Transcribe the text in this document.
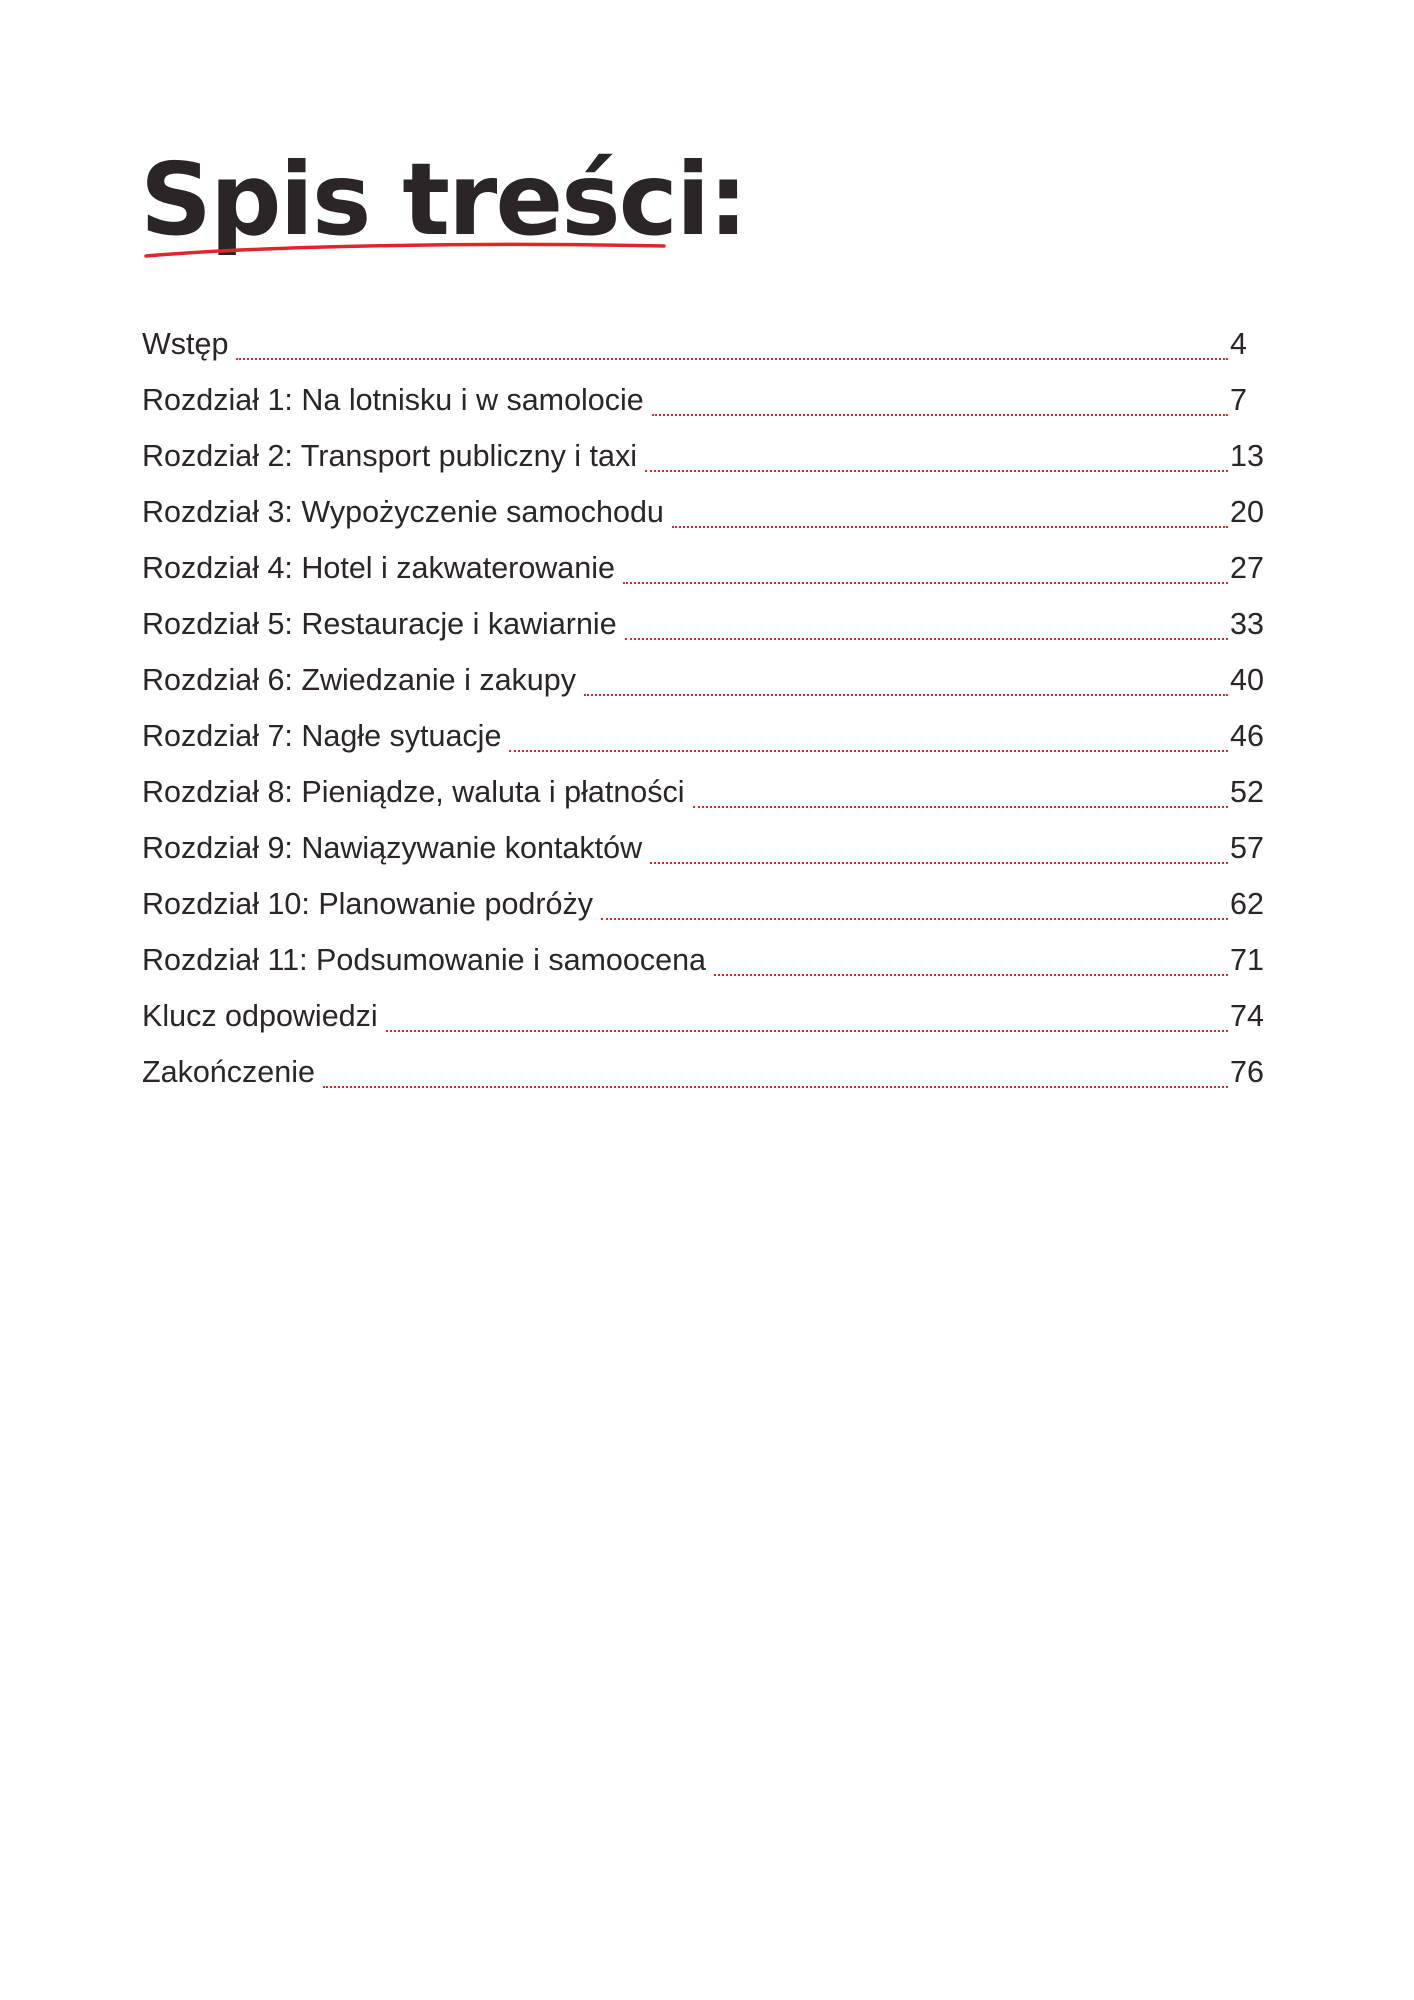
Spis treści:
Wstęp	4
Rozdział 1: Na lotnisku i w samolocie	7
Rozdział 2: Transport publiczny i taxi	13
Rozdział 3: Wypożyczenie samochodu	20
Rozdział 4: Hotel i zakwaterowanie	27
Rozdział 5: Restauracje i kawiarnie	33
Rozdział 6: Zwiedzanie i zakupy	40
Rozdział 7: Nagłe sytuacje	46
Rozdział 8: Pieniądze, waluta i płatności	52
Rozdział 9: Nawiązywanie kontaktów	57
Rozdział 10: Planowanie podróży	62
Rozdział 11: Podsumowanie i samoocena	71
Klucz odpowiedzi	74
Zakończenie	76
